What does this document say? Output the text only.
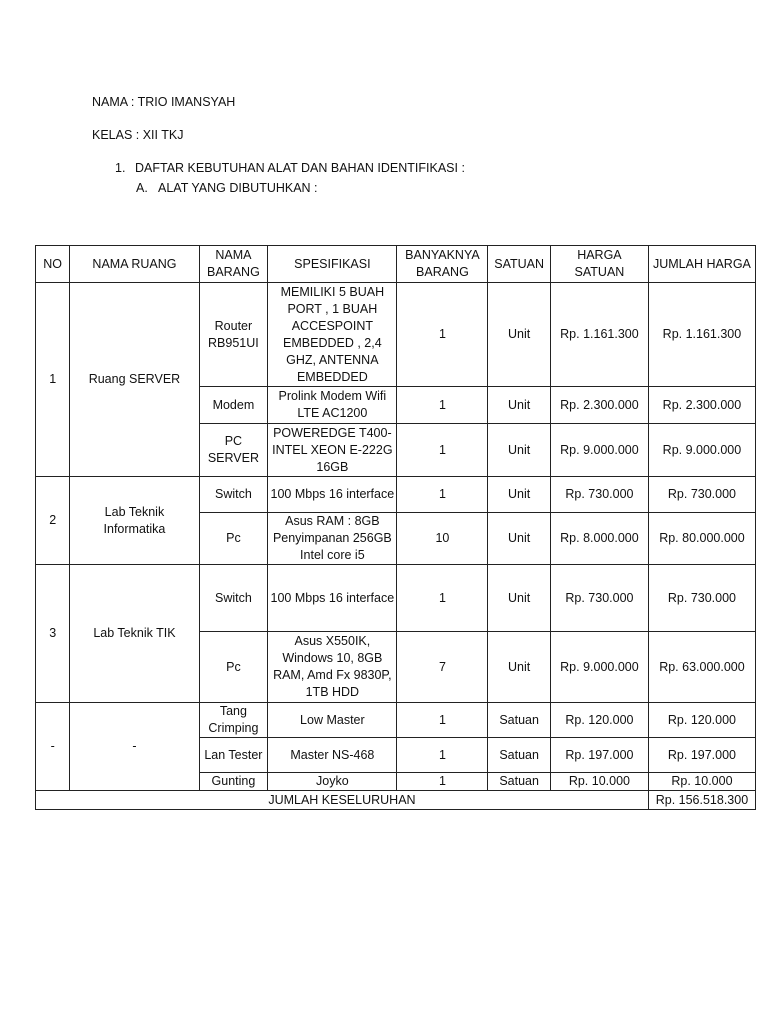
NAMA : TRIO IMANSYAH
KELAS : XII TKJ
1. DAFTAR KEBUTUHAN ALAT DAN BAHAN IDENTIFIKASI :
A. ALAT YANG DIBUTUHKAN :
NO	NAMA RUANG	NAMA BARANG	SPESIFIKASI	BANYAKNYA BARANG	SATUAN	HARGA SATUAN	JUMLAH HARGA
1	Ruang SERVER	Router RB951UI	MEMILIKI 5 BUAH PORT , 1 BUAH ACCESPOINT EMBEDDED , 2,4 GHZ, ANTENNA EMBEDDED	1	Unit	Rp. 1.161.300	Rp. 1.161.300
		Modem	Prolink Modem Wifi LTE AC1200	1	Unit	Rp. 2.300.000	Rp. 2.300.000
		PC SERVER	POWEREDGE T400- INTEL XEON E-222G 16GB	1	Unit	Rp. 9.000.000	Rp. 9.000.000
2	Lab Teknik Informatika	Switch	100 Mbps 16 interface	1	Unit	Rp. 730.000	Rp. 730.000
		Pc	Asus RAM : 8GB Penyimpanan 256GB Intel core i5	10	Unit	Rp. 8.000.000	Rp. 80.000.000
3	Lab Teknik TIK	Switch	100 Mbps 16 interface	1	Unit	Rp. 730.000	Rp. 730.000
		Pc	Asus X550IK, Windows 10, 8GB RAM, Amd Fx 9830P, 1TB HDD	7	Unit	Rp. 9.000.000	Rp. 63.000.000
-	-	Tang Crimping	Low Master	1	Satuan	Rp. 120.000	Rp. 120.000
		Lan Tester	Master NS-468	1	Satuan	Rp. 197.000	Rp. 197.000
		Gunting	Joyko	1	Satuan	Rp. 10.000	Rp. 10.000
JUMLAH KESELURUHAN							Rp. 156.518.300
